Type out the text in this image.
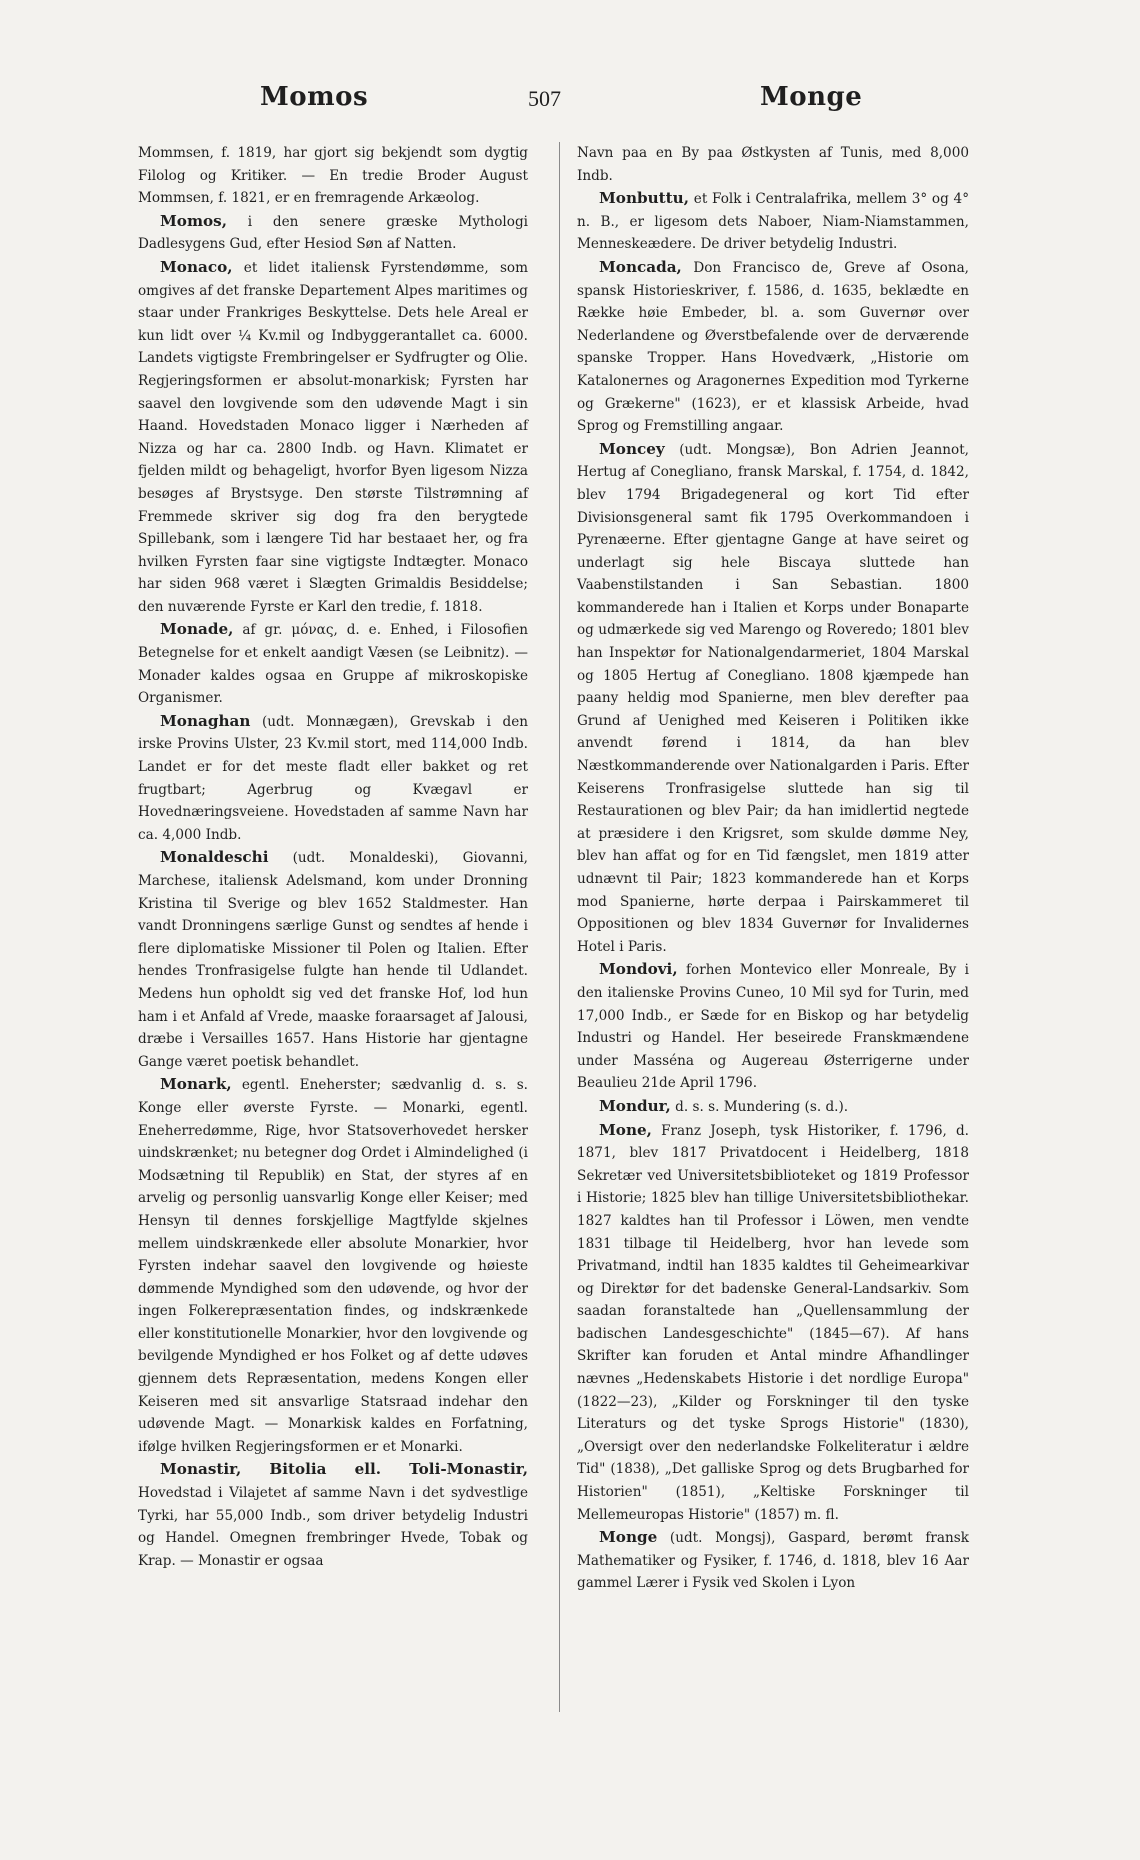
Momos	507	Monge

Mommsen, f. 1819, har gjort sig bekjendt som dygtig Filolog og Kritiker. — En tredie Broder August Mommsen, f. 1821, er en fremragende Arkæolog.

Momos, i den senere græske Mythologi Dadlesygens Gud, efter Hesiod Søn af Natten.

Monaco, et lidet italiensk Fyrstendømme, som omgives af det franske Departement Alpes maritimes og staar under Frankriges Beskyttelse. Dets hele Areal er kun lidt over ¼ Kv.mil og Indbyggerantallet ca. 6000. Landets vigtigste Frembringelser er Sydfrugter og Olie. Regjeringsformen er absolut-monarkisk; Fyrsten har saavel den lovgivende som den udøvende Magt i sin Haand. Hovedstaden Monaco ligger i Nærheden af Nizza og har ca. 2800 Indb. og Havn. Klimatet er fjelden mildt og behageligt, hvorfor Byen ligesom Nizza besøges af Brystsyge. Den største Tilstrømning af Fremmede skriver sig dog fra den berygtede Spillebank, som i længere Tid har bestaaet her, og fra hvilken Fyrsten faar sine vigtigste Indtægter. Monaco har siden 968 været i Slægten Grimaldis Besiddelse; den nuværende Fyrste er Karl den tredie, f. 1818.

Monade, af gr. μόνας, d. e. Enhed, i Filosofien Betegnelse for et enkelt aandigt Væsen (se Leibnitz). — Monader kaldes ogsaa en Gruppe af mikroskopiske Organismer.

Monaghan (udt. Monnægæn), Grevskab i den irske Provins Ulster, 23 Kv.mil stort, med 114,000 Indb. Landet er for det meste fladt eller bakket og ret frugtbart; Agerbrug og Kvægavl er Hovednæringsveiene. Hovedstaden af samme Navn har ca. 4,000 Indb.

Monaldeschi (udt. Monaldeski), Giovanni, Marchese, italiensk Adelsmand, kom under Dronning Kristina til Sverige og blev 1652 Staldmester. Han vandt Dronningens særlige Gunst og sendtes af hende i flere diplomatiske Missioner til Polen og Italien. Efter hendes Tronfrasigelse fulgte han hende til Udlandet. Medens hun opholdt sig ved det franske Hof, lod hun ham i et Anfald af Vrede, maaske foraarsaget af Jalousi, dræbe i Versailles 1657. Hans Historie har gjentagne Gange været poetisk behandlet.

Monark, egentl. Eneherster; sædvanlig d. s. s. Konge eller øverste Fyrste. — Monarki, egentl. Eneherredømme, Rige, hvor Statsoverhovedet hersker uindskrænket; nu betegner dog Ordet i Almindelighed (i Modsætning til Republik) en Stat, der styres af en arvelig og personlig uansvarlig Konge eller Keiser; med Hensyn til dennes forskjellige Magtfylde skjelnes mellem uindskrænkede eller absolute Monarkier, hvor Fyrsten indehar saavel den lovgivende og høieste dømmende Myndighed som den udøvende, og hvor der ingen Folkerepræsentation findes, og indskrænkede eller konstitutionelle Monarkier, hvor den lovgivende og bevilgende Myndighed er hos Folket og af dette udøves gjennem dets Repræsentation, medens Kongen eller Keiseren med sit ansvarlige Statsraad indehar den udøvende Magt. — Monarkisk kaldes en Forfatning, ifølge hvilken Regjeringsformen er et Monarki.

Monastir, Bitolia ell. Toli-Monastir, Hovedstad i Vilajetet af samme Navn i det sydvestlige Tyrki, har 55,000 Indb., som driver betydelig Industri og Handel. Omegnen frembringer Hvede, Tobak og Krap. — Monastir er ogsaa

Navn paa en By paa Østkysten af Tunis, med 8,000 Indb.

Monbuttu, et Folk i Centralafrika, mellem 3° og 4° n. B., er ligesom dets Naboer, Niam-Niamstammen, Menneskeædere. De driver betydelig Industri.

Moncada, Don Francisco de, Greve af Osona, spansk Historieskriver, f. 1586, d. 1635, beklædte en Række høie Embeder, bl. a. som Guvernør over Nederlandene og Øverstbefalende over de derværende spanske Tropper. Hans Hovedværk, „Historie om Katalonernes og Aragonernes Expedition mod Tyrkerne og Grækerne" (1623), er et klassisk Arbeide, hvad Sprog og Fremstilling angaar.

Moncey (udt. Mongsæ), Bon Adrien Jeannot, Hertug af Conegliano, fransk Marskal, f. 1754, d. 1842, blev 1794 Brigadegeneral og kort Tid efter Divisionsgeneral samt fik 1795 Overkommandoen i Pyrenæerne. Efter gjentagne Gange at have seiret og underlagt sig hele Biscaya sluttede han Vaabenstilstanden i San Sebastian. 1800 kommanderede han i Italien et Korps under Bonaparte og udmærkede sig ved Marengo og Roveredo; 1801 blev han Inspektør for Nationalgendarmeriet, 1804 Marskal og 1805 Hertug af Conegliano. 1808 kjæmpede han paany heldig mod Spanierne, men blev derefter paa Grund af Uenighed med Keiseren i Politiken ikke anvendt førend i 1814, da han blev Næstkommanderende over Nationalgarden i Paris. Efter Keiserens Tronfrasigelse sluttede han sig til Restaurationen og blev Pair; da han imidlertid negtede at præsidere i den Krigsret, som skulde dømme Ney, blev han affat og for en Tid fængslet, men 1819 atter udnævnt til Pair; 1823 kommanderede han et Korps mod Spanierne, hørte derpaa i Pairskammeret til Oppositionen og blev 1834 Guvernør for Invalidernes Hotel i Paris.

Mondovi, forhen Montevico eller Monreale, By i den italienske Provins Cuneo, 10 Mil syd for Turin, med 17,000 Indb., er Sæde for en Biskop og har betydelig Industri og Handel. Her beseirede Franskmændene under Masséna og Augereau Østerrigerne under Beaulieu 21de April 1796.

Mondur, d. s. s. Mundering (s. d.).

Mone, Franz Joseph, tysk Historiker, f. 1796, d. 1871, blev 1817 Privatdocent i Heidelberg, 1818 Sekretær ved Universitetsbiblioteket og 1819 Professor i Historie; 1825 blev han tillige Universitetsbibliothekar. 1827 kaldtes han til Professor i Löwen, men vendte 1831 tilbage til Heidelberg, hvor han levede som Privatmand, indtil han 1835 kaldtes til Geheimearkivar og Direktør for det badenske General-Landsarkiv. Som saadan foranstaltede han „Quellensammlung der badischen Landesgeschichte" (1845—67). Af hans Skrifter kan foruden et Antal mindre Afhandlinger nævnes „Hedenskabets Historie i det nordlige Europa" (1822—23), „Kilder og Forskninger til den tyske Literaturs og det tyske Sprogs Historie" (1830), „Oversigt over den nederlandske Folkeliteratur i ældre Tid" (1838), „Det galliske Sprog og dets Brugbarhed for Historien" (1851), „Keltiske Forskninger til Mellemeuropas Historie" (1857) m. fl.

Monge (udt. Mongsj), Gaspard, berømt fransk Mathematiker og Fysiker, f. 1746, d. 1818, blev 16 Aar gammel Lærer i Fysik ved Skolen i Lyon
